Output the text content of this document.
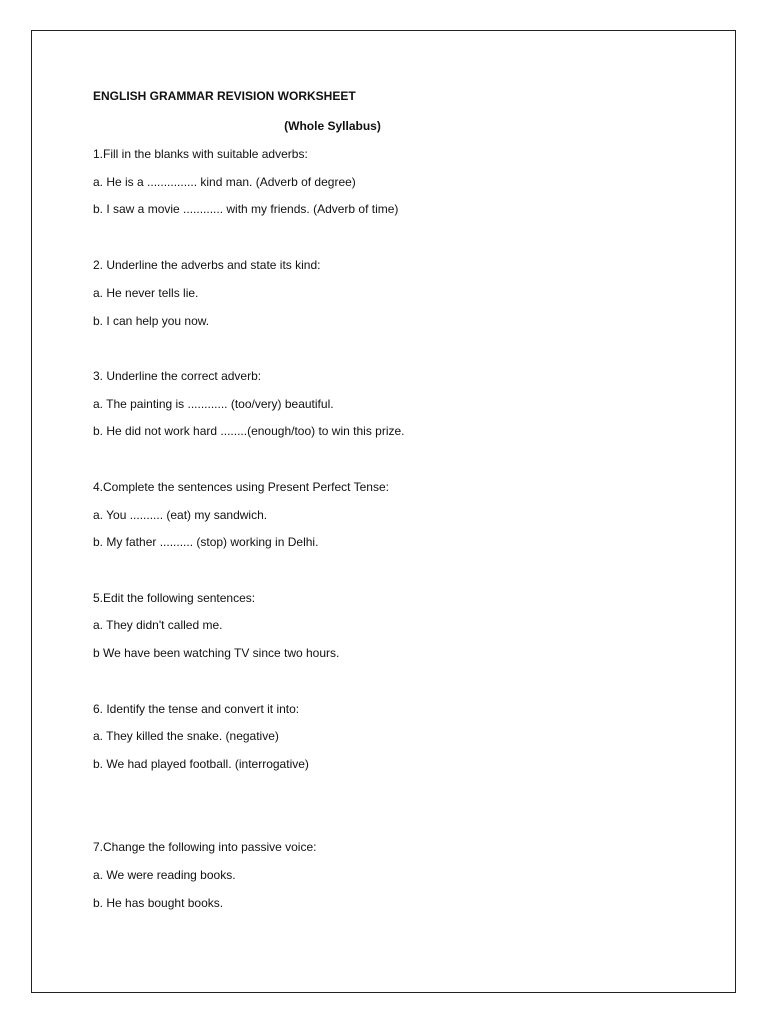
ENGLISH GRAMMAR REVISION WORKSHEET
(Whole Syllabus)
1.Fill in the blanks with suitable adverbs:
a. He is a ............... kind man. (Adverb of degree)
b. I saw a movie ............ with my friends. (Adverb of time)
2. Underline the adverbs and state its kind:
a. He never tells lie.
b. I can help you now.
3. Underline the correct adverb:
a. The painting is ............ (too/very) beautiful.
b. He did not work hard ........(enough/too) to win this prize.
4.Complete the sentences using Present Perfect Tense:
a. You .......... (eat) my sandwich.
b. My father .......... (stop) working in Delhi.
5.Edit the following sentences:
a. They didn't called me.
b We have been watching TV since two hours.
6. Identify the tense and convert it into:
a. They killed the snake. (negative)
b. We had played football. (interrogative)
7.Change the following into passive voice:
a. We were reading books.
b. He has bought books.
